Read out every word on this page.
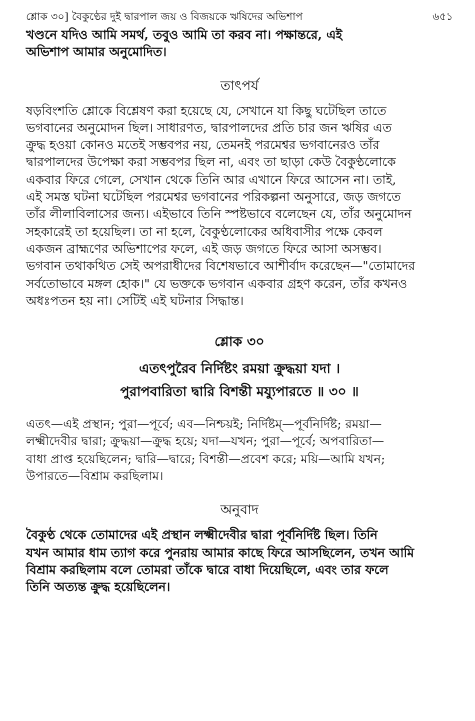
শ্লোক ৩০] বৈকুণ্ঠের দুই দ্বারপাল জয় ও বিজয়কে ঋষিদের অভিশাপ	৬৫১

খণ্ডনে যদিও আমি সমর্থ, তবুও আমি তা করব না। পক্ষান্তরে, এই
অভিশাপ আমার অনুমোদিত।

তাৎপর্য

ষড়বিংশতি শ্লোকে বিশ্লেষণ করা হয়েছে যে, সেখানে যা কিছু ঘটেছিল তাতে
ভগবানের অনুমোদন ছিল। সাধারণত, দ্বারপালদের প্রতি চার জন ঋষির এত
ক্রুদ্ধ হওয়া কোনও মতেই সম্ভবপর নয়, তেমনই পরমেশ্বর ভগবানেরও তাঁর
দ্বারপালদের উপেক্ষা করা সম্ভবপর ছিল না, এবং তা ছাড়া কেউ বৈকুণ্ঠলোকে
একবার ফিরে গেলে, সেখান থেকে তিনি আর এখানে ফিরে আসেন না। তাই,
এই সমস্ত ঘটনা ঘটেছিল পরমেশ্বর ভগবানের পরিকল্পনা অনুসারে, জড় জগতে
তাঁর লীলাবিলাসের জন্য। এইভাবে তিনি স্পষ্টভাবে বলেছেন যে, তাঁর অনুমোদন
সহকারেই তা হয়েছিল। তা না হলে, বৈকুণ্ঠলোকের অধিবাসীর পক্ষে কেবল
একজন ব্রাহ্মণের অভিশাপের ফলে, এই জড় জগতে ফিরে আসা অসম্ভব।
ভগবান তথাকথিত সেই অপরাধীদের বিশেষভাবে আশীর্বাদ করেছেন—"তোমাদের
সর্বতোভাবে মঙ্গল হোক।" যে ভক্তকে ভগবান একবার গ্রহণ করেন, তাঁর কখনও
অধঃপতন হয় না। সেটিই এই ঘটনার সিদ্ধান্ত।

শ্লোক ৩০
এতৎপুরৈব নির্দিষ্টং রময়া ক্রুদ্ধয়া যদা ।
পুরাপবারিতা দ্বারি বিশন্তী ময্যুপারতে ॥ ৩০ ॥

এতৎ—এই প্রস্থান; পুরা—পূর্বে; এব—নিশ্চয়ই; নির্দিষ্টম্—পূর্বনির্দিষ্ট; রময়া—
লক্ষ্মীদেবীর দ্বারা; ক্রুদ্ধয়া—ক্রুদ্ধ হয়ে; যদা—যখন; পুরা—পূর্বে; অপবারিতা—
বাধা প্রাপ্ত হয়েছিলেন; দ্বারি—দ্বারে; বিশন্তী—প্রবেশ করে; ময়ি—আমি যখন;
উপারতে—বিশ্রাম করছিলাম।

অনুবাদ

বৈকুণ্ঠ থেকে তোমাদের এই প্রস্থান লক্ষ্মীদেবীর দ্বারা পূর্বনির্দিষ্ট ছিল। তিনি
যখন আমার ধাম ত্যাগ করে পুনরায় আমার কাছে ফিরে আসছিলেন, তখন আমি
বিশ্রাম করছিলাম বলে তোমরা তাঁকে দ্বারে বাধা দিয়েছিলে, এবং তার ফলে
তিনি অত্যন্ত ক্রুদ্ধ হয়েছিলেন।
